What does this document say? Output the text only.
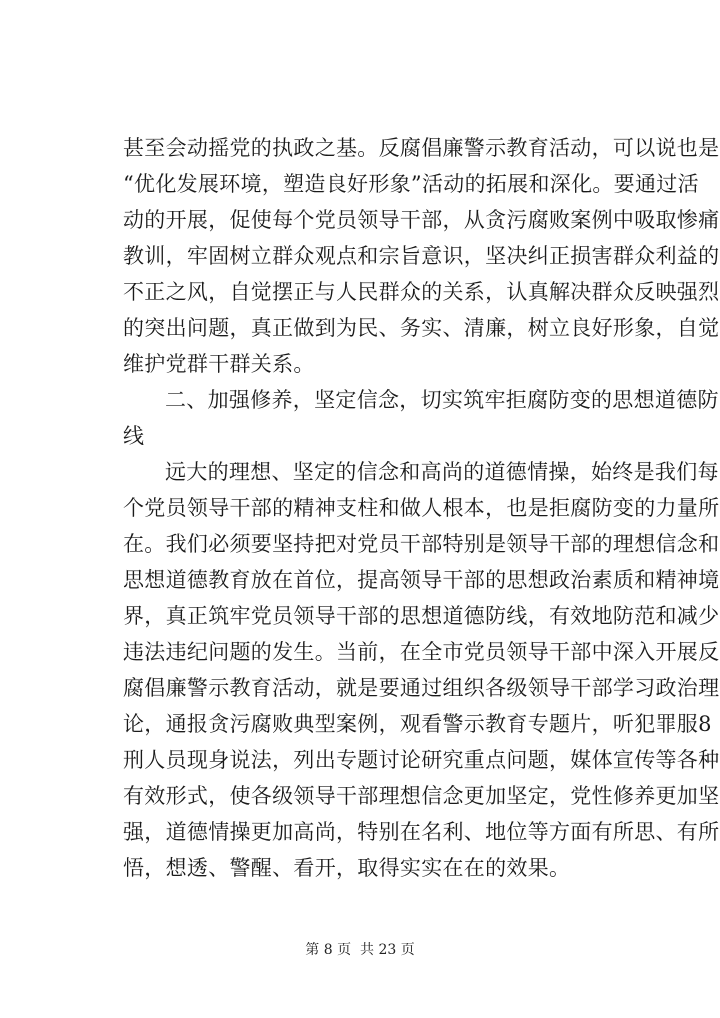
甚至会动摇党的执政之基。反腐倡廉警示教育活动，可以说也是
“优化发展环境，塑造良好形象”活动的拓展和深化。要通过活
动的开展，促使每个党员领导干部，从贪污腐败案例中吸取惨痛
教训，牢固树立群众观点和宗旨意识，坚决纠正损害群众利益的
不正之风，自觉摆正与人民群众的关系，认真解决群众反映强烈
的突出问题，真正做到为民、务实、清廉，树立良好形象，自觉
维护党群干群关系。
二、加强修养，坚定信念，切实筑牢拒腐防变的思想道德防
线
远大的理想、坚定的信念和高尚的道德情操，始终是我们每
个党员领导干部的精神支柱和做人根本，也是拒腐防变的力量所
在。我们必须要坚持把对党员干部特别是领导干部的理想信念和
思想道德教育放在首位，提高领导干部的思想政治素质和精神境
界，真正筑牢党员领导干部的思想道德防线，有效地防范和减少
违法违纪问题的发生。当前，在全市党员领导干部中深入开展反
腐倡廉警示教育活动，就是要通过组织各级领导干部学习政治理
论，通报贪污腐败典型案例，观看警示教育专题片，听犯罪服8
刑人员现身说法，列出专题讨论研究重点问题，媒体宣传等各种
有效形式，使各级领导干部理想信念更加坚定，党性修养更加坚
强，道德情操更加高尚，特别在名利、地位等方面有所思、有所
悟，想透、警醒、看开，取得实实在在的效果。
第 8 页  共 23 页
